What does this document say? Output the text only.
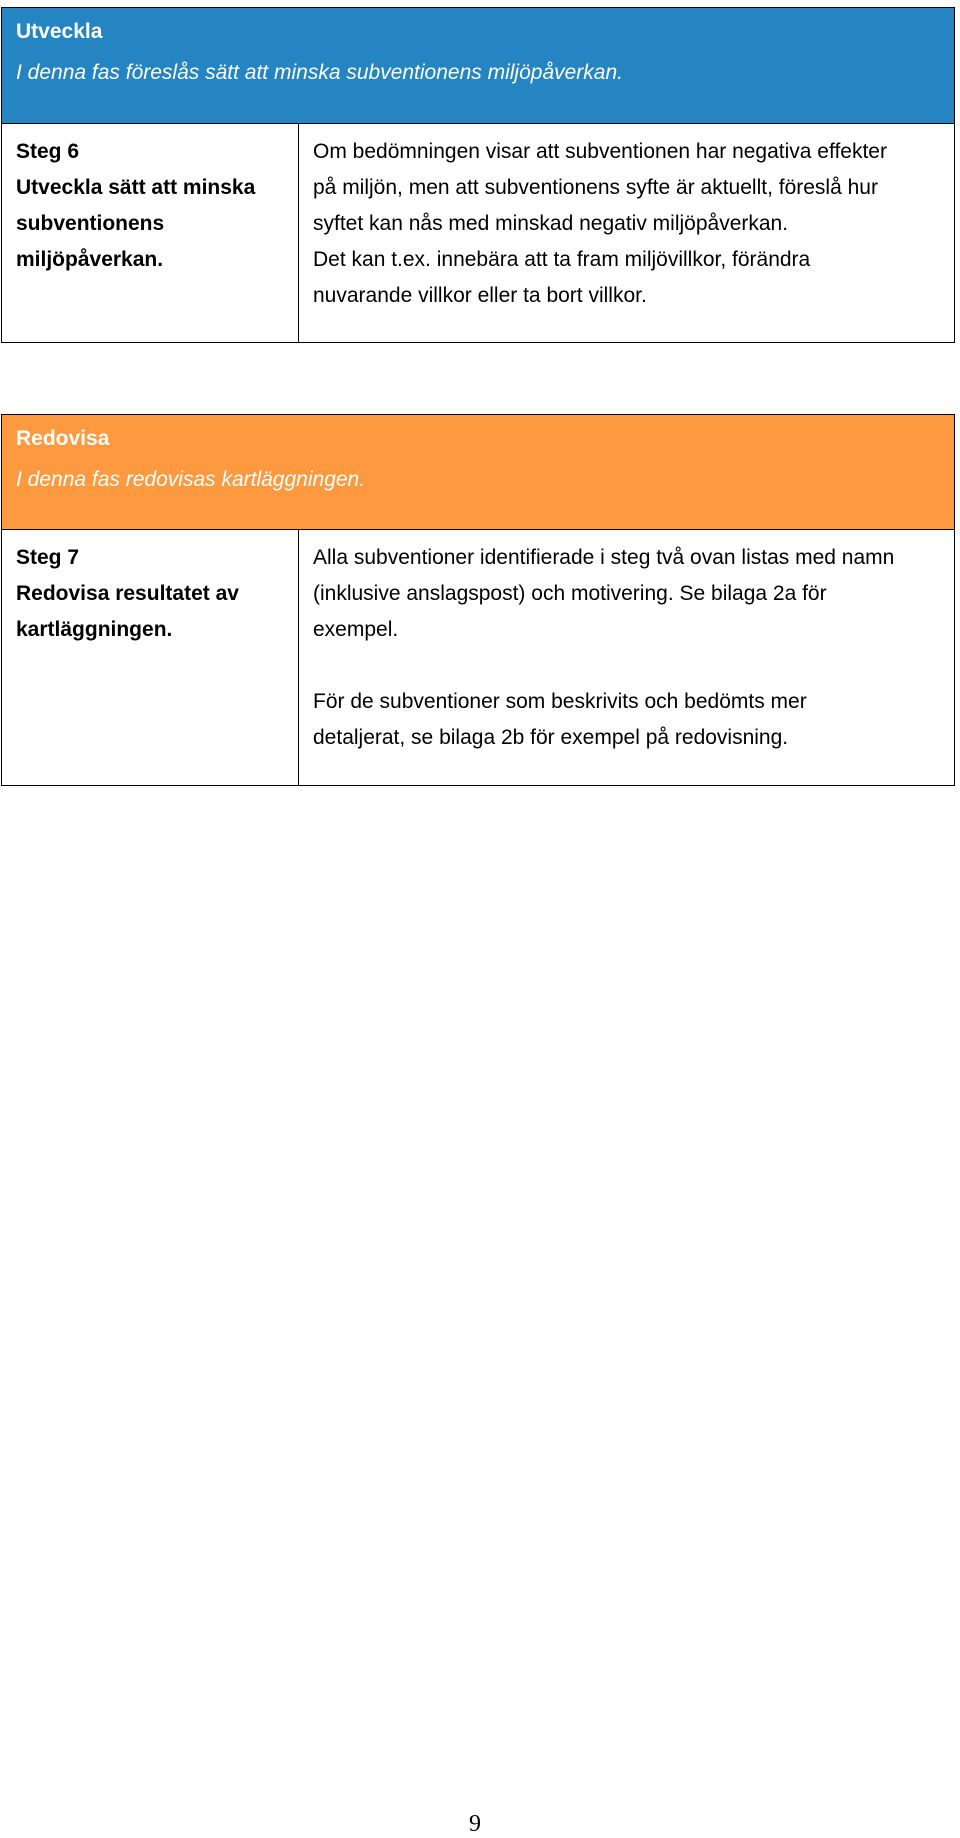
Utveckla

I denna fas föreslås sätt att minska subventionens miljöpåverkan.

Steg 6

Utveckla sätt att minska

subventionens

miljöpåverkan.

Om bedömningen visar att subventionen har negativa effekter

på miljön, men att subventionens syfte är aktuellt, föreslå hur

syftet kan nås med minskad negativ miljöpåverkan.

Det kan t.ex. innebära att ta fram miljövillkor, förändra

nuvarande villkor eller ta bort villkor.

Redovisa

I denna fas redovisas kartläggningen.

Steg 7

Redovisa resultatet av

kartläggningen.

Alla subventioner identifierade i steg två ovan listas med namn

(inklusive anslagspost) och motivering. Se bilaga 2a för

exempel.

För de subventioner som beskrivits och bedömts mer

detaljerat, se bilaga 2b för exempel på redovisning.

9
